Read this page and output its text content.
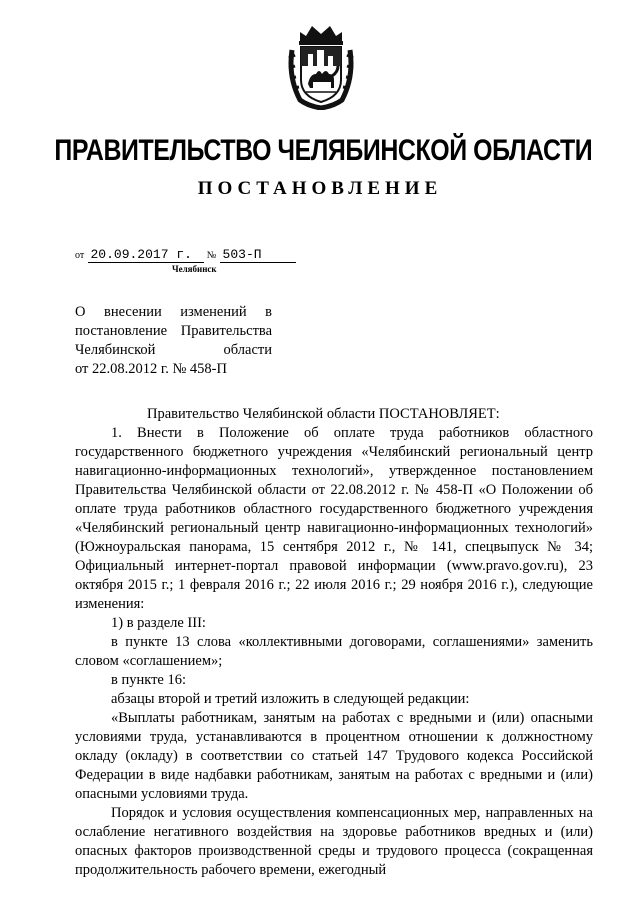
ПРАВИТЕЛЬСТВО ЧЕЛЯБИНСКОЙ ОБЛАСТИ
ПОСТАНОВЛЕНИЕ
от 20.09.2017 г. № 503-П
Челябинск
О внесении изменений в
постановление Правительства
Челябинской области
от 22.08.2012 г. № 458-П

Правительство Челябинской области ПОСТАНОВЛЯЕТ:

1. Внести в Положение об оплате труда работников областного государственного бюджетного учреждения «Челябинский региональный центр навигационно-информационных технологий», утвержденное постановлением Правительства Челябинской области от 22.08.2012 г. № 458-П «О Положении об оплате труда работников областного государственного бюджетного учреждения «Челябинский региональный центр навигационно-информационных технологий» (Южноуральская панорама, 15 сентября 2012 г., № 141, спецвыпуск № 34; Официальный интернет-портал правовой информации (www.pravo.gov.ru), 23 октября 2015 г.; 1 февраля 2016 г.; 22 июля 2016 г.; 29 ноября 2016 г.), следующие изменения:

1) в разделе III:

в пункте 13 слова «коллективными договорами, соглашениями» заменить словом «соглашением»;

в пункте 16:

абзацы второй и третий изложить в следующей редакции:

«Выплаты работникам, занятым на работах с вредными и (или) опасными условиями труда, устанавливаются в процентном отношении к должностному окладу (окладу) в соответствии со статьей 147 Трудового кодекса Российской Федерации в виде надбавки работникам, занятым на работах с вредными и (или) опасными условиями труда.

Порядок и условия осуществления компенсационных мер, направленных на ослабление негативного воздействия на здоровье работников вредных и (или) опасных факторов производственной среды и трудового процесса (сокращенная продолжительность рабочего времени, ежегодный
